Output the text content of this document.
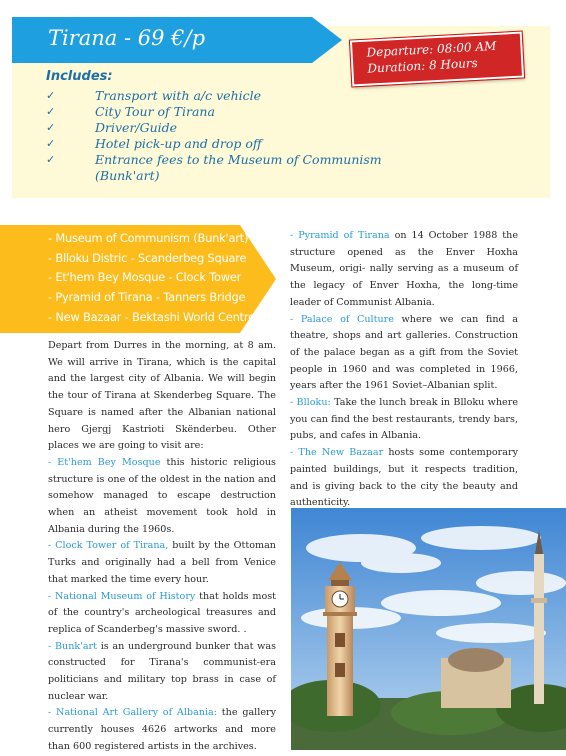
Tirana - 69 €/p	Departure: 08:00 AM
Duration: 8 Hours
Includes:
✓	Transport with a/c vehicle
✓	City Tour of Tirana
✓	Driver/Guide
✓	Hotel pick-up and drop off
✓	Entrance fees to the Museum of Communism (Bunk'art)
- Museum of Communism (Bunk'art)
- Blloku Distric - Scanderbeg Square
- Et'hem Bey Mosque - Clock Tower
- Pyramid of Tirana - Tanners Bridge
- New Bazaar - Bektashi World Centre

Depart from Durres in the morning, at 8 am. We will arrive in Tirana, which is the capital and the largest city of Albania. We will begin the tour of Tirana at Skenderbeg Square. The Square is named after the Albanian national hero Gjergj Kastrioti Skënderbeu. Other places we are going to visit are:

- Et'hem Bey Mosque this historic religious structure is one of the oldest in the nation and somehow managed to escape destruction when an atheist movement took hold in Albania during the 1960s.

- Clock Tower of Tirana, built by the Ottoman Turks and originally had a bell from Venice that marked the time every hour.

- National Museum of History that holds most of the country's archeological treasures and replica of Scanderbeg's massive sword. .

- Bunk'art is an underground bunker that was constructed for Tirana's communist-era politicians and military top brass in case of nuclear war.

- National Art Gallery of Albania: the gallery currently houses 4626 artworks and more than 600 registered artists in the archives.

- Pyramid of Tirana on 14 October 1988 the structure opened as the Enver Hoxha Museum, origi- nally serving as a museum of the legacy of Enver Hoxha, the long-time leader of Communist Albania.

- Palace of Culture where we can find a theatre, shops and art galleries. Construction of the palace began as a gift from the Soviet people in 1960 and was completed in 1966, years after the 1961 Soviet–Albanian split.

- Blloku: Take the lunch break in Blloku where you can find the best restaurants, trendy bars, pubs, and cafes in Albania.

- The New Bazaar hosts some contemporary painted buildings, but it respects tradition, and is giving back to the city the beauty and authenticity.
